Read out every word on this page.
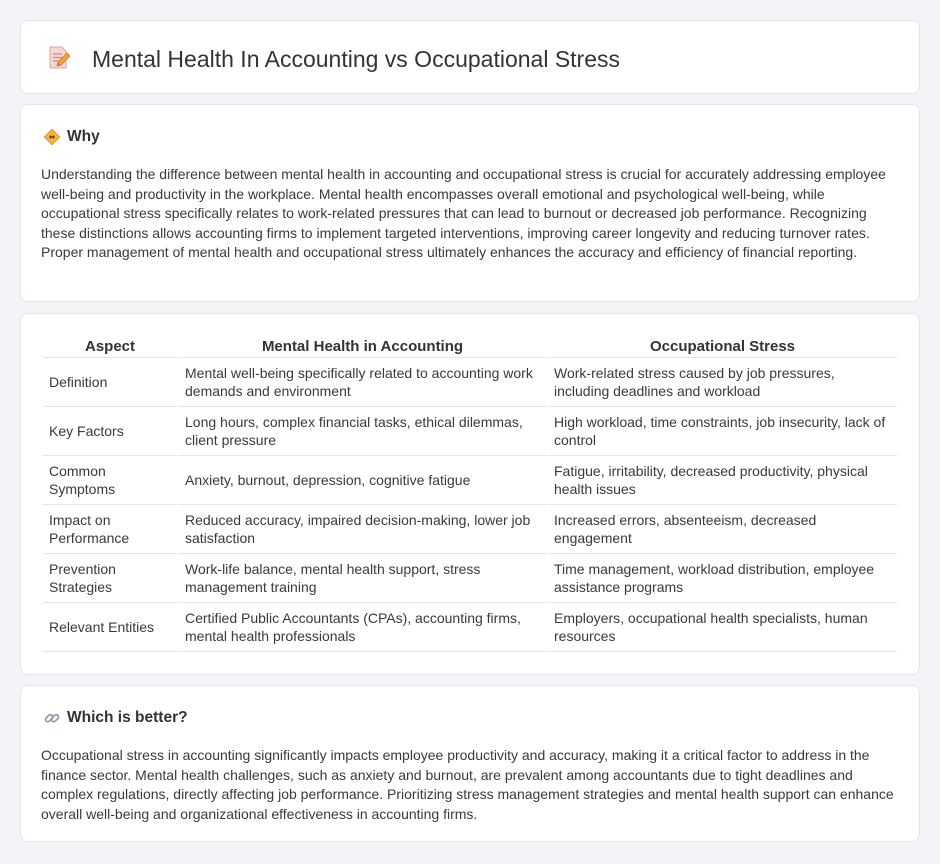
Mental Health In Accounting vs Occupational Stress
Why

Understanding the difference between mental health in accounting and occupational stress is crucial for accurately addressing employee well-being and productivity in the workplace. Mental health encompasses overall emotional and psychological well-being, while occupational stress specifically relates to work-related pressures that can lead to burnout or decreased job performance. Recognizing these distinctions allows accounting firms to implement targeted interventions, improving career longevity and reducing turnover rates. Proper management of mental health and occupational stress ultimately enhances the accuracy and efficiency of financial reporting.

Aspect	Mental Health in Accounting	Occupational Stress
Definition	Mental well-being specifically related to accounting work demands and environment	Work-related stress caused by job pressures, including deadlines and workload
Key Factors	Long hours, complex financial tasks, ethical dilemmas, client pressure	High workload, time constraints, job insecurity, lack of control
Common Symptoms	Anxiety, burnout, depression, cognitive fatigue	Fatigue, irritability, decreased productivity, physical health issues
Impact on Performance	Reduced accuracy, impaired decision-making, lower job satisfaction	Increased errors, absenteeism, decreased engagement
Prevention Strategies	Work-life balance, mental health support, stress management training	Time management, workload distribution, employee assistance programs
Relevant Entities	Certified Public Accountants (CPAs), accounting firms, mental health professionals	Employers, occupational health specialists, human resources
Which is better?

Occupational stress in accounting significantly impacts employee productivity and accuracy, making it a critical factor to address in the finance sector. Mental health challenges, such as anxiety and burnout, are prevalent among accountants due to tight deadlines and complex regulations, directly affecting job performance. Prioritizing stress management strategies and mental health support can enhance overall well-being and organizational effectiveness in accounting firms.
